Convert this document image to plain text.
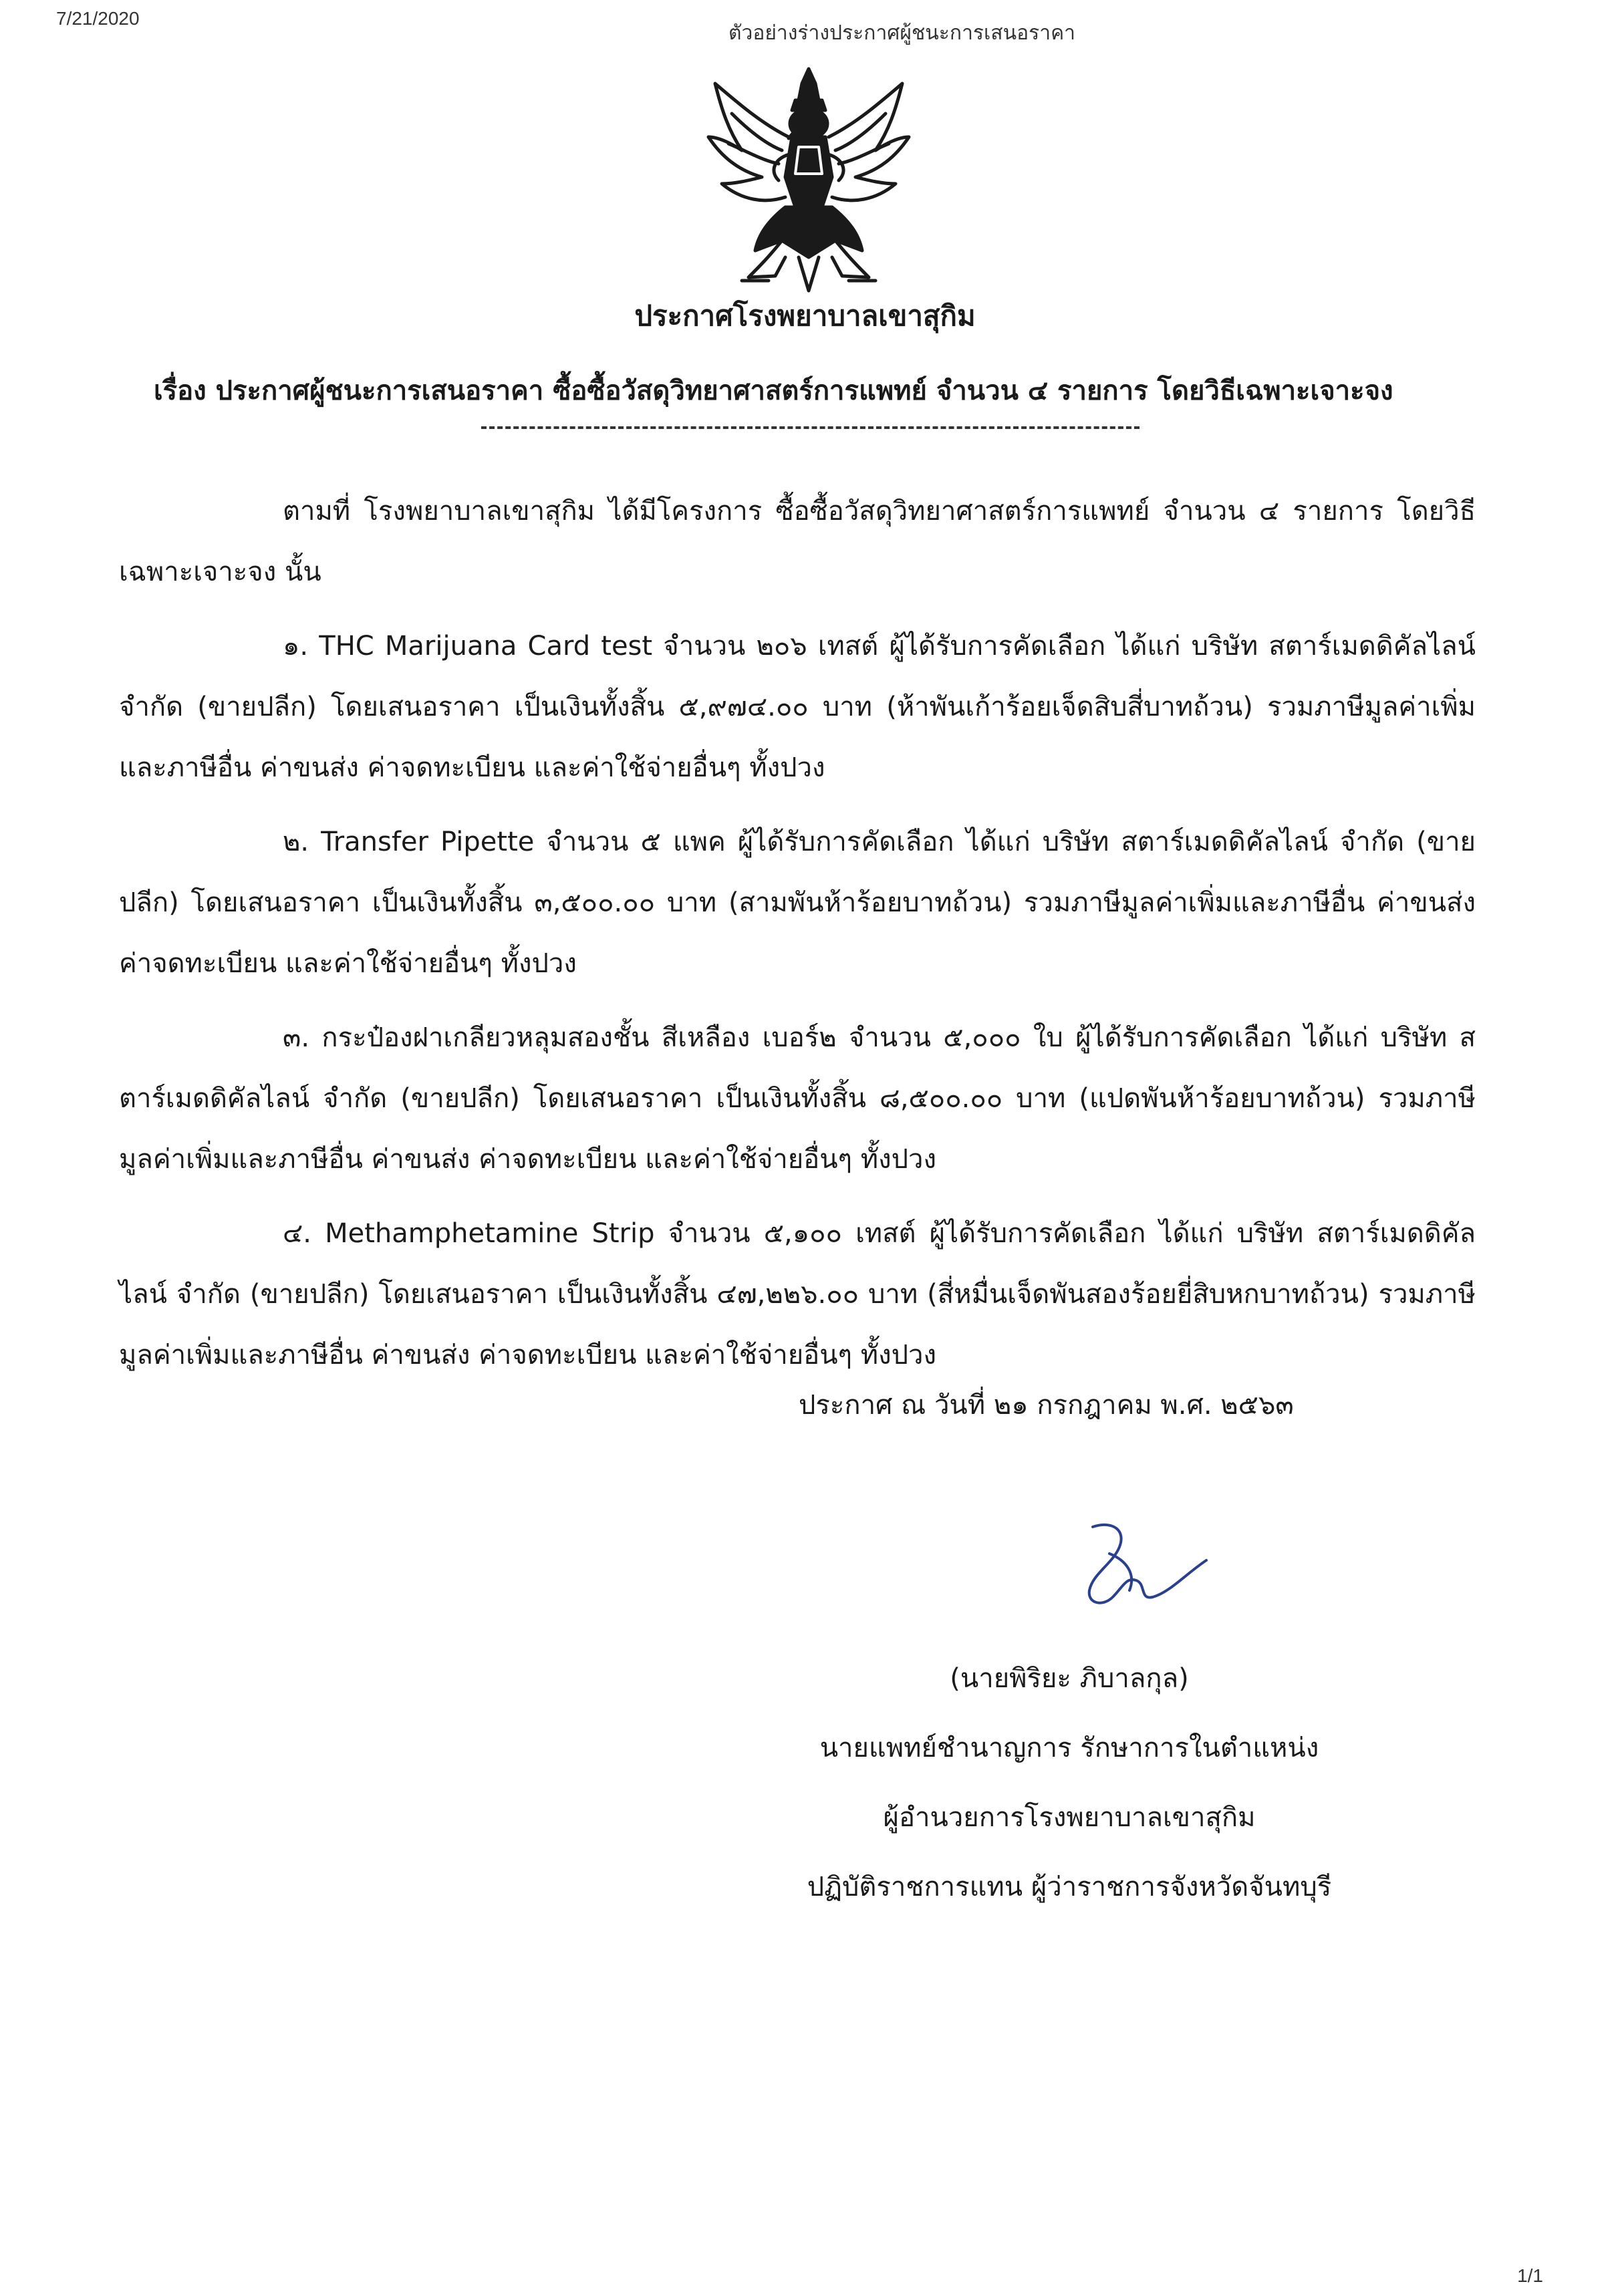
7/21/2020
ตัวอย่างร่างประกาศผู้ชนะการเสนอราคา
ประกาศโรงพยาบาลเขาสุกิม
เรื่อง ประกาศผู้ชนะการเสนอราคา ซื้อซื้อวัสดุวิทยาศาสตร์การแพทย์ จำนวน ๔ รายการ โดยวิธีเฉพาะเจาะจง

ตามที่ โรงพยาบาลเขาสุกิม ได้มีโครงการ ซื้อซื้อวัสดุวิทยาศาสตร์การแพทย์ จำนวน ๔ รายการ โดยวิธีเฉพาะเจาะจง นั้น

๑. THC Marijuana Card test จำนวน ๒๐๖ เทสต์ ผู้ได้รับการคัดเลือก ได้แก่ บริษัท สตาร์เมดดิคัลไลน์ จำกัด (ขายปลีก) โดยเสนอราคา เป็นเงินทั้งสิ้น ๕,๙๗๔.๐๐ บาท (ห้าพันเก้าร้อยเจ็ดสิบสี่บาทถ้วน) รวมภาษีมูลค่าเพิ่มและภาษีอื่น ค่าขนส่ง ค่าจดทะเบียน และค่าใช้จ่ายอื่นๆ ทั้งปวง

๒. Transfer Pipette จำนวน ๕ แพค ผู้ได้รับการคัดเลือก ได้แก่ บริษัท สตาร์เมดดิคัลไลน์ จำกัด (ขายปลีก) โดยเสนอราคา เป็นเงินทั้งสิ้น ๓,๕๐๐.๐๐ บาท (สามพันห้าร้อยบาทถ้วน) รวมภาษีมูลค่าเพิ่มและภาษีอื่น ค่าขนส่ง ค่าจดทะเบียน และค่าใช้จ่ายอื่นๆ ทั้งปวง

๓. กระป๋องฝาเกลียวหลุมสองชั้น สีเหลือง เบอร์๒ จำนวน ๕,๐๐๐ ใบ ผู้ได้รับการคัดเลือก ได้แก่ บริษัท สตาร์เมดดิคัลไลน์ จำกัด (ขายปลีก) โดยเสนอราคา เป็นเงินทั้งสิ้น ๘,๕๐๐.๐๐ บาท (แปดพันห้าร้อยบาทถ้วน) รวมภาษีมูลค่าเพิ่มและภาษีอื่น ค่าขนส่ง ค่าจดทะเบียน และค่าใช้จ่ายอื่นๆ ทั้งปวง

๔. Methamphetamine Strip จำนวน ๕,๑๐๐ เทสต์ ผู้ได้รับการคัดเลือก ได้แก่ บริษัท สตาร์เมดดิคัลไลน์ จำกัด (ขายปลีก) โดยเสนอราคา เป็นเงินทั้งสิ้น ๔๗,๒๒๖.๐๐ บาท (สี่หมื่นเจ็ดพันสองร้อยยี่สิบหกบาทถ้วน) รวมภาษีมูลค่าเพิ่มและภาษีอื่น ค่าขนส่ง ค่าจดทะเบียน และค่าใช้จ่ายอื่นๆ ทั้งปวง

ประกาศ ณ วันที่ ๒๑ กรกฎาคม พ.ศ. ๒๕๖๓
(นายพิริยะ ภิบาลกุล)
นายแพทย์ชำนาญการ รักษาการในตำแหน่ง
ผู้อำนวยการโรงพยาบาลเขาสุกิม
ปฏิบัติราชการแทน ผู้ว่าราชการจังหวัดจันทบุรี
1/1
